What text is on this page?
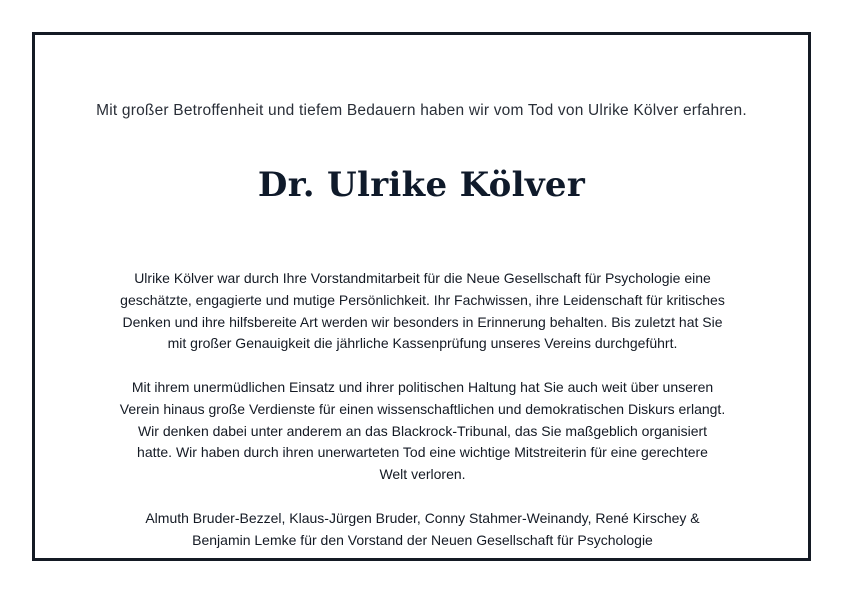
Mit großer Betroffenheit und tiefem Bedauern haben wir vom Tod von Ulrike Kölver erfahren.
Dr. Ulrike Kölver
Ulrike Kölver war durch Ihre Vorstandmitarbeit für die Neue Gesellschaft für Psychologie eine
geschätzte, engagierte und mutige Persönlichkeit. Ihr Fachwissen, ihre Leidenschaft für kritisches
Denken und ihre hilfsbereite Art werden wir besonders in Erinnerung behalten. Bis zuletzt hat Sie
mit großer Genauigkeit die jährliche Kassenprüfung unseres Vereins durchgeführt.
Mit ihrem unermüdlichen Einsatz und ihrer politischen Haltung hat Sie auch weit über unseren
Verein hinaus große Verdienste für einen wissenschaftlichen und demokratischen Diskurs erlangt.
Wir denken dabei unter anderem an das Blackrock-Tribunal, das Sie maßgeblich organisiert
hatte. Wir haben durch ihren unerwarteten Tod eine wichtige Mitstreiterin für eine gerechtere
Welt verloren.
Almuth Bruder-Bezzel, Klaus-Jürgen Bruder, Conny Stahmer-Weinandy, René Kirschey &
Benjamin Lemke für den Vorstand der Neuen Gesellschaft für Psychologie
